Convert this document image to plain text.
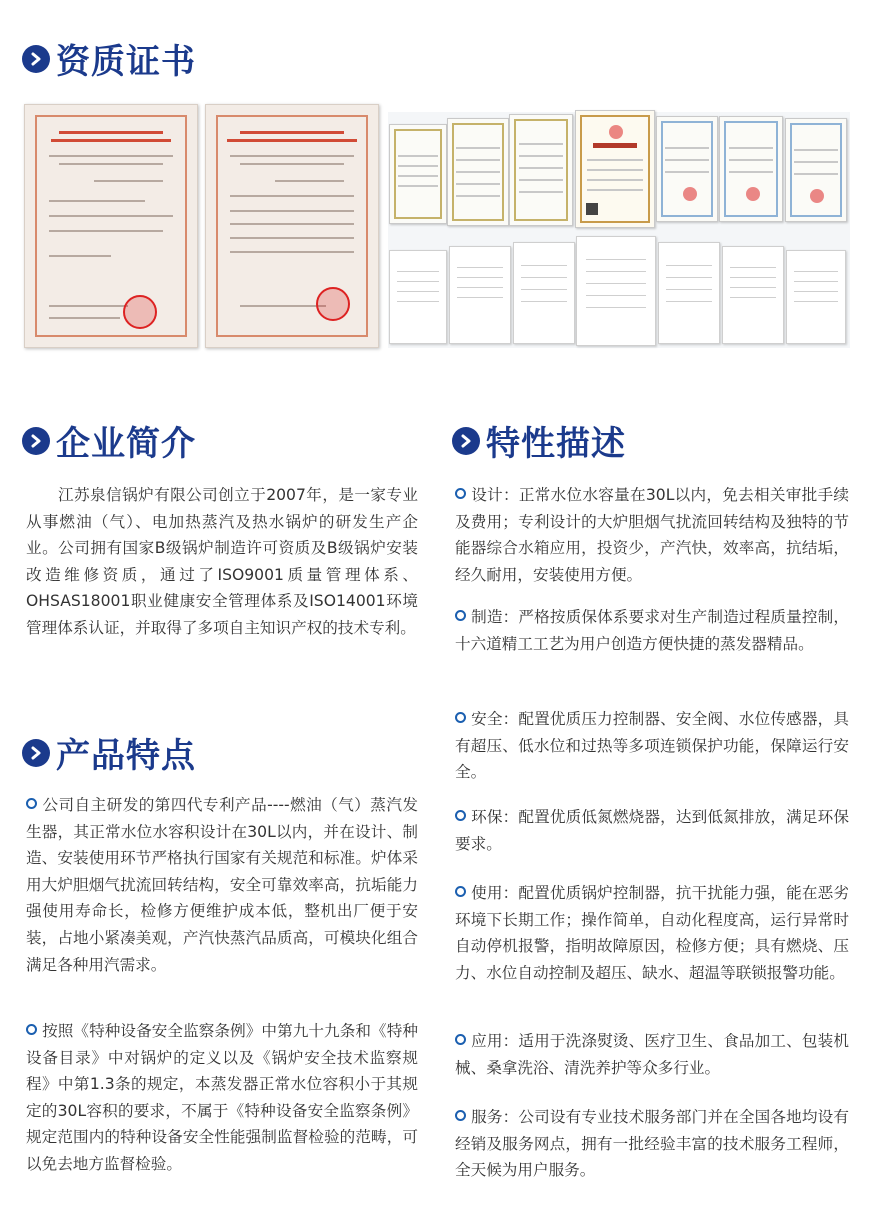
资质证书
企业简介

江苏泉信锅炉有限公司创立于2007年，是一家专业从事燃油（气）、电加热蒸汽及热水锅炉的研发生产企业。公司拥有国家B级锅炉制造许可资质及B级锅炉安装改造维修资质，通过了ISO9001质量管理体系、OHSAS18001职业健康安全管理体系及ISO14001环境管理体系认证，并取得了多项自主知识产权的技术专利。

产品特点

公司自主研发的第四代专利产品----燃油（气）蒸汽发生器，其正常水位水容积设计在30L以内，并在设计、制造、安装使用环节严格执行国家有关规范和标准。炉体采用大炉胆烟气扰流回转结构，安全可靠效率高，抗垢能力强使用寿命长，检修方便维护成本低，整机出厂便于安装，占地小紧凑美观，产汽快蒸汽品质高，可模块化组合满足各种用汽需求。

按照《特种设备安全监察条例》中第九十九条和《特种设备目录》中对锅炉的定义以及《锅炉安全技术监察规程》中第1.3条的规定，本蒸发器正常水位容积小于其规定的30L容积的要求，不属于《特种设备安全监察条例》规定范围内的特种设备安全性能强制监督检验的范畴，可以免去地方监督检验。

特性描述

设计：正常水位水容量在30L以内，免去相关审批手续及费用；专利设计的大炉胆烟气扰流回转结构及独特的节能器综合水箱应用，投资少，产汽快，效率高，抗结垢，经久耐用，安装使用方便。

制造：严格按质保体系要求对生产制造过程质量控制，十六道精工工艺为用户创造方便快捷的蒸发器精品。

安全：配置优质压力控制器、安全阀、水位传感器，具有超压、低水位和过热等多项连锁保护功能，保障运行安全。

环保：配置优质低氮燃烧器，达到低氮排放，满足环保要求。

使用：配置优质锅炉控制器，抗干扰能力强，能在恶劣环境下长期工作；操作简单，自动化程度高，运行异常时自动停机报警，指明故障原因，检修方便；具有燃烧、压力、水位自动控制及超压、缺水、超温等联锁报警功能。

应用：适用于洗涤熨烫、医疗卫生、食品加工、包装机械、桑拿洗浴、清洗养护等众多行业。

服务：公司设有专业技术服务部门并在全国各地均设有经销及服务网点，拥有一批经验丰富的技术服务工程师，全天候为用户服务。
